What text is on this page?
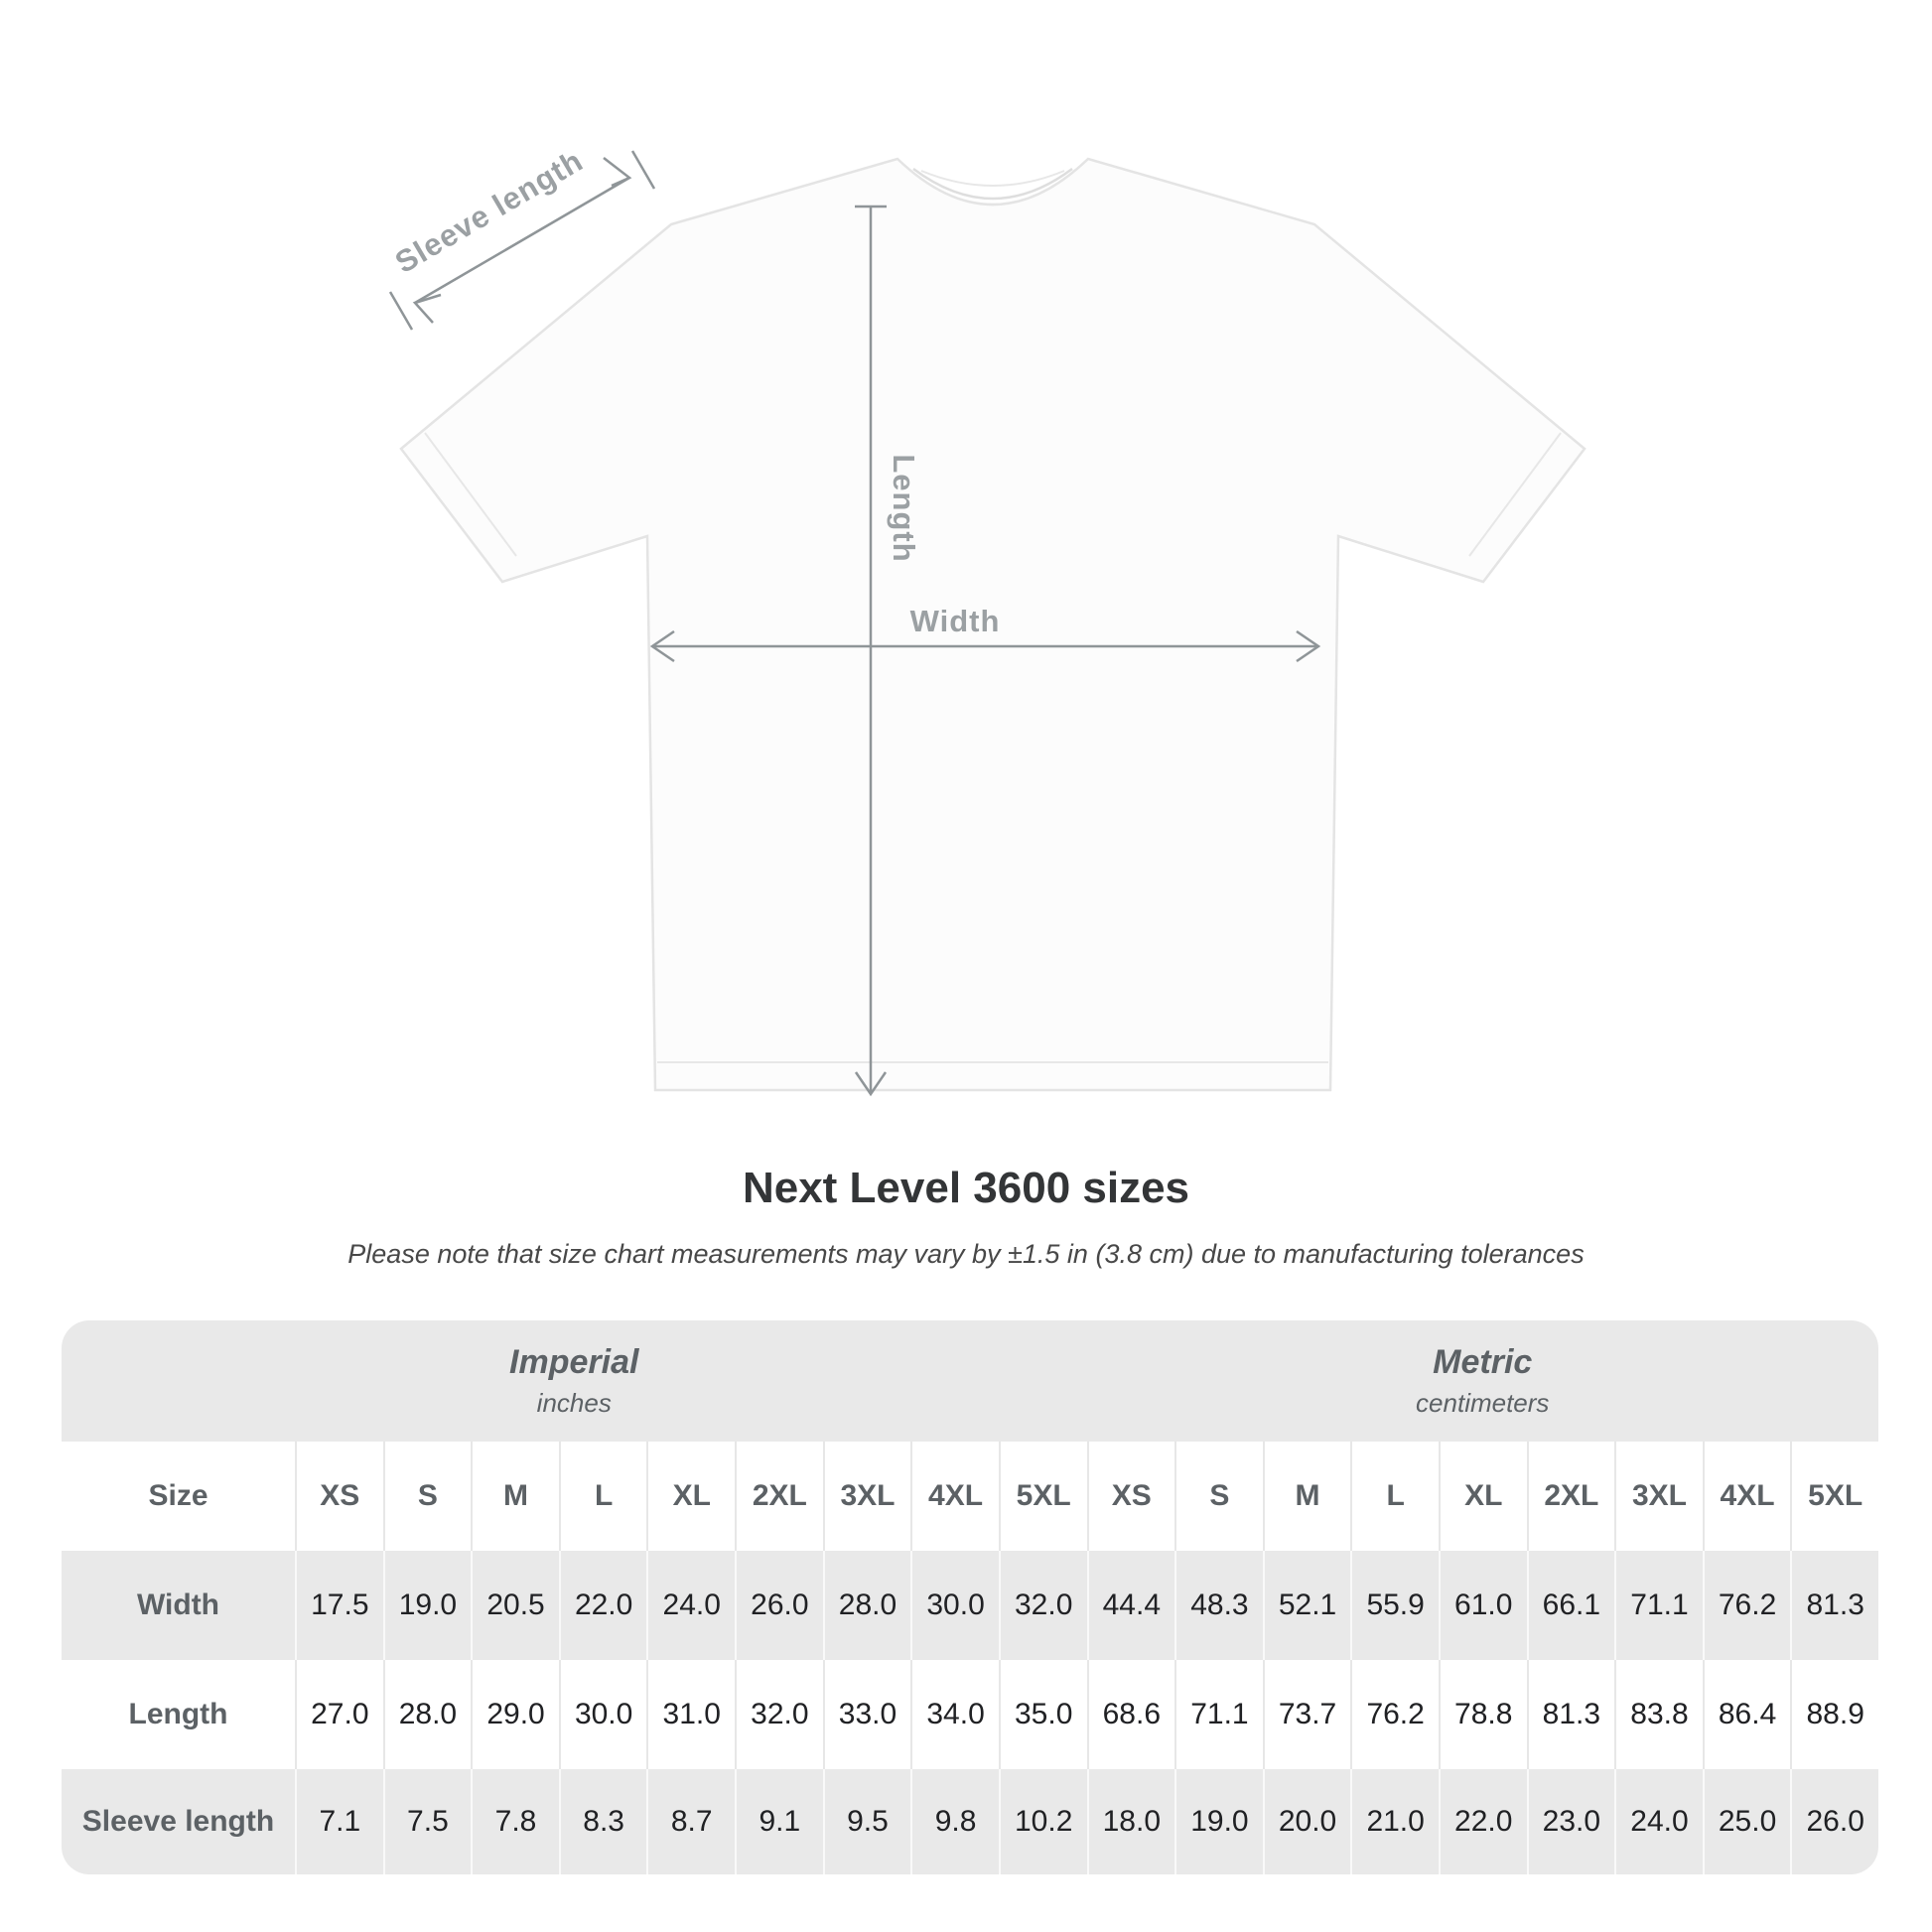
Sleeve length
Length
Width
Next Level 3600 sizes
Please note that size chart measurements may vary by ±1.5 in (3.8 cm) due to manufacturing tolerances
Imperial
inches
Metric
centimeters
Size	XS	S	M	L	XL	2XL	3XL	4XL	5XL	XS	S	M	L	XL	2XL	3XL	4XL	5XL
Width	17.5	19.0	20.5	22.0	24.0	26.0	28.0	30.0	32.0	44.4	48.3	52.1	55.9	61.0	66.1	71.1	76.2	81.3
Length	27.0	28.0	29.0	30.0	31.0	32.0	33.0	34.0	35.0	68.6	71.1	73.7	76.2	78.8	81.3	83.8	86.4	88.9
Sleeve length	7.1	7.5	7.8	8.3	8.7	9.1	9.5	9.8	10.2	18.0	19.0	20.0	21.0	22.0	23.0	24.0	25.0	26.0
